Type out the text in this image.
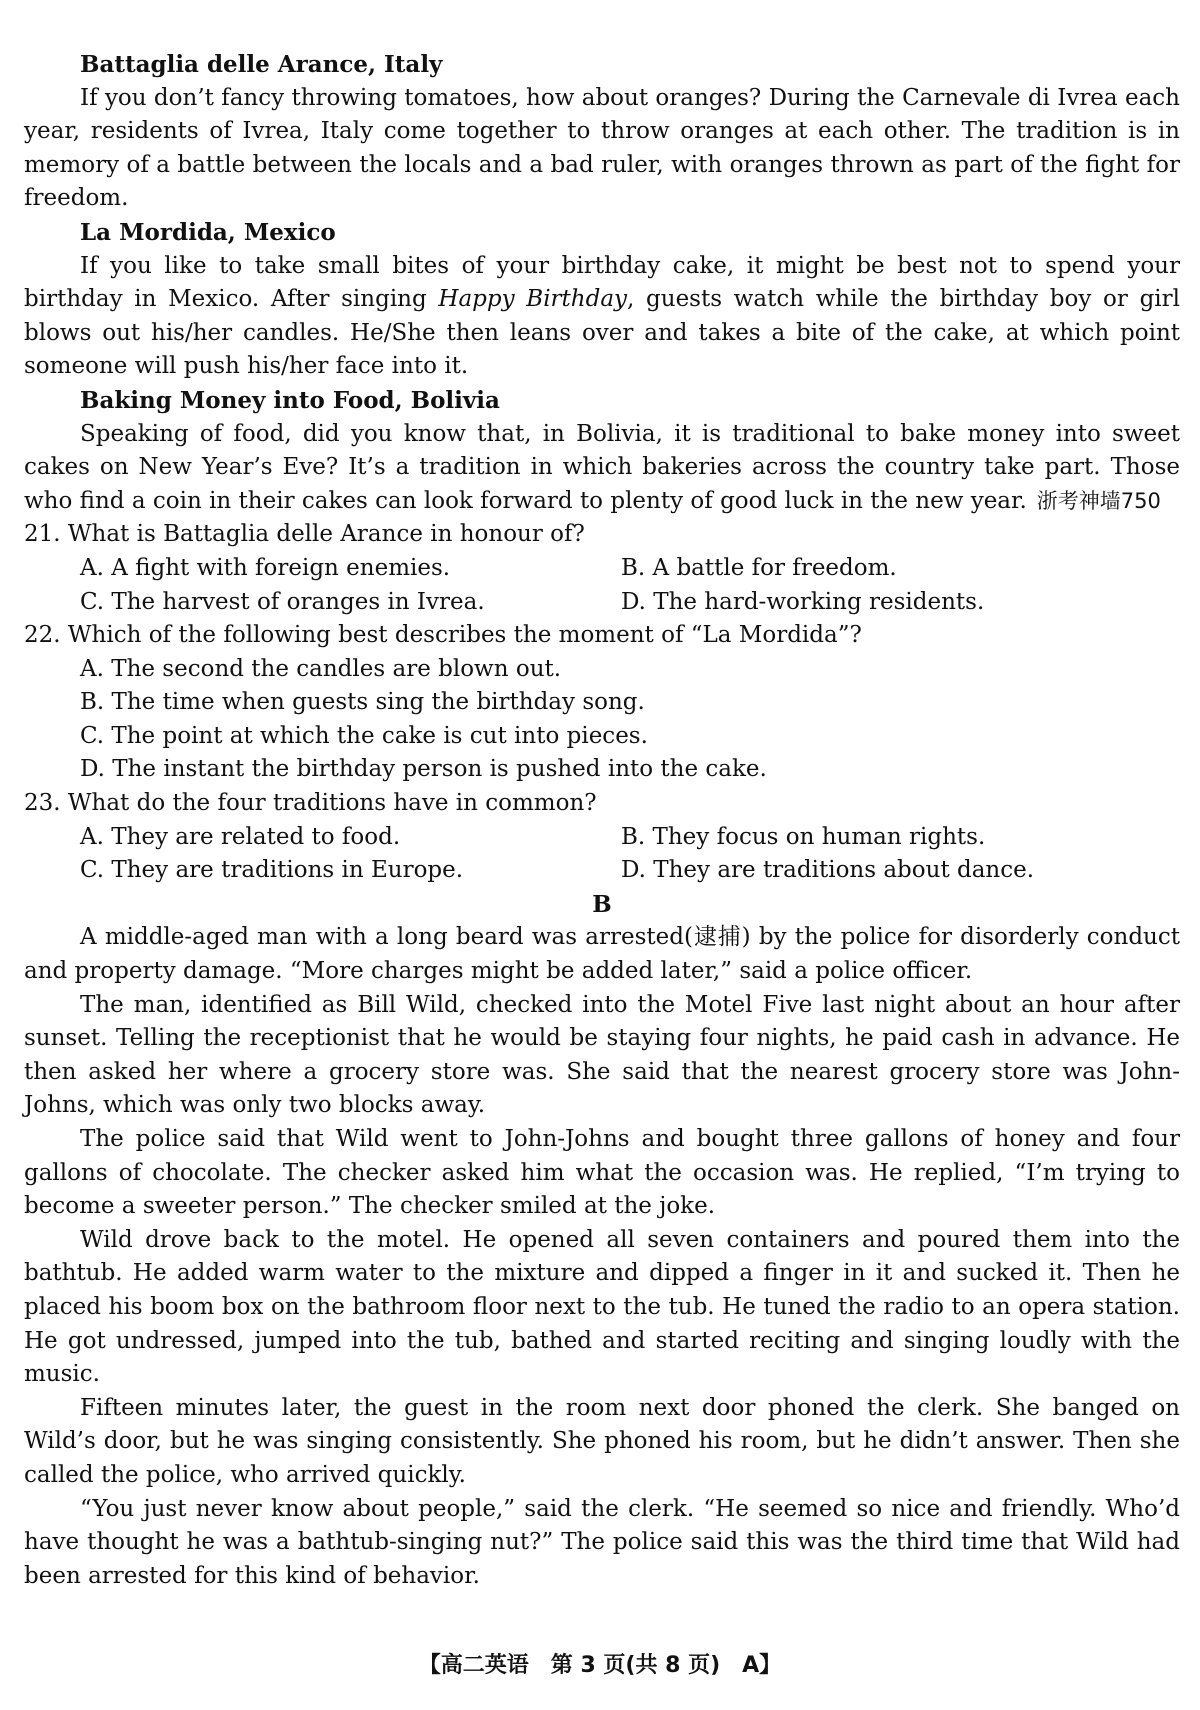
Battaglia delle Arance, Italy

If you don’t fancy throwing tomatoes, how about oranges? During the Carnevale di Ivrea each year, residents of Ivrea, Italy come together to throw oranges at each other. The tradition is in memory of a battle between the locals and a bad ruler, with oranges thrown as part of the fight for freedom.

La Mordida, Mexico

If you like to take small bites of your birthday cake, it might be best not to spend your birthday in Mexico. After singing Happy Birthday, guests watch while the birthday boy or girl blows out his/her candles. He/She then leans over and takes a bite of the cake, at which point someone will push his/her face into it.

Baking Money into Food, Bolivia

Speaking of food, did you know that, in Bolivia, it is traditional to bake money into sweet cakes on New Year’s Eve? It’s a tradition in which bakeries across the country take part. Those who find a coin in their cakes can look forward to plenty of good luck in the new year. 浙考神墙750

21. What is Battaglia delle Arance in honour of?
A. A fight with foreign enemies.	B. A battle for freedom.
C. The harvest of oranges in Ivrea.	D. The hard-working residents.
22. Which of the following best describes the moment of “La Mordida”?
A. The second the candles are blown out.
B. The time when guests sing the birthday song.
C. The point at which the cake is cut into pieces.
D. The instant the birthday person is pushed into the cake.
23. What do the four traditions have in common?
A. They are related to food.	B. They focus on human rights.
C. They are traditions in Europe.	D. They are traditions about dance.
B

A middle-aged man with a long beard was arrested(逮捕) by the police for disorderly conduct and property damage. “More charges might be added later,” said a police officer.

The man, identified as Bill Wild, checked into the Motel Five last night about an hour after sunset. Telling the receptionist that he would be staying four nights, he paid cash in advance. He then asked her where a grocery store was. She said that the nearest grocery store was John-Johns, which was only two blocks away.

The police said that Wild went to John-Johns and bought three gallons of honey and four gallons of chocolate. The checker asked him what the occasion was. He replied, “I’m trying to become a sweeter person.” The checker smiled at the joke.

Wild drove back to the motel. He opened all seven containers and poured them into the bathtub. He added warm water to the mixture and dipped a finger in it and sucked it. Then he placed his boom box on the bathroom floor next to the tub. He tuned the radio to an opera station. He got undressed, jumped into the tub, bathed and started reciting and singing loudly with the music.

Fifteen minutes later, the guest in the room next door phoned the clerk. She banged on Wild’s door, but he was singing consistently. She phoned his room, but he didn’t answer. Then she called the police, who arrived quickly.

“You just never know about people,” said the clerk. “He seemed so nice and friendly. Who’d have thought he was a bathtub-singing nut?” The police said this was the third time that Wild had been arrested for this kind of behavior.

【高二英语　第 3 页(共 8 页)　A】
